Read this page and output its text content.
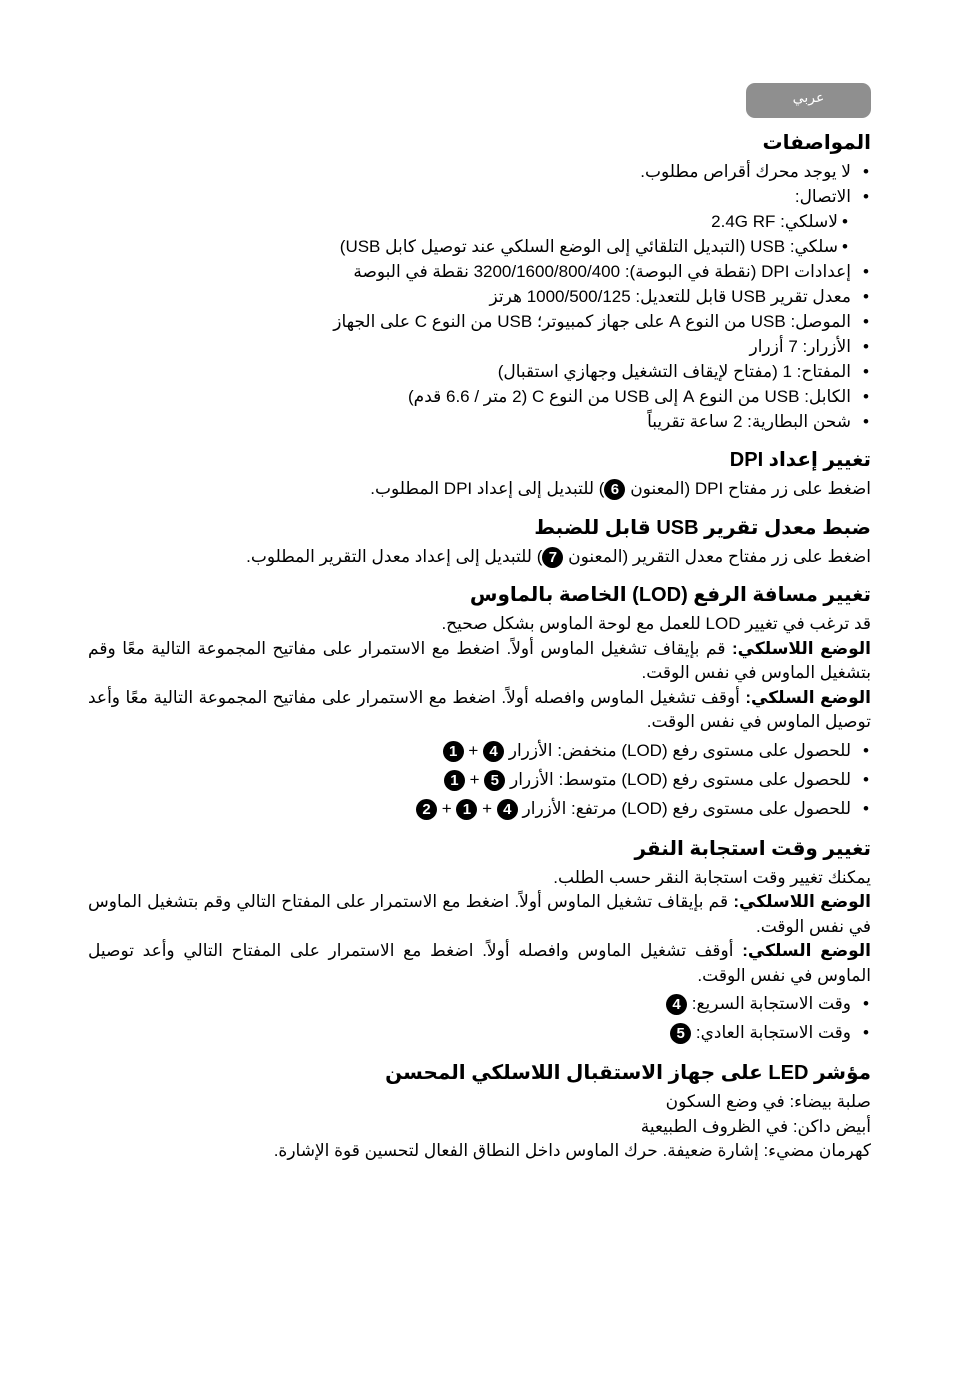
عربي
المواصفات
• لا يوجد محرك أقراص مطلوب.
• الاتصال:
• لاسلكي: 2.4G RF
• سلكي: USB (التبديل التلقائي إلى الوضع السلكي عند توصيل كابل USB)
• إعدادات DPI (نقطة في البوصة): 3200/1600/800/400 نقطة في البوصة
• معدل تقرير USB قابل للتعديل: 1000/500/125 هرتز
• الموصل: USB من النوع A على جهاز كمبيوتر؛ USB من النوع C على الجهاز
• الأزرار: 7 أزرار
• المفتاح: 1 (مفتاح لإيقاف التشغيل وجهازي استقبال)
• الكابل: USB من النوع A إلى USB من النوع C (2 متر / 6.6 قدم)
• شحن البطارية: 2 ساعة تقريباً
تغيير إعداد DPI

اضغط على زر مفتاح DPI (المعنون 6) للتبديل إلى إعداد DPI المطلوب.

ضبط معدل تقرير USB قابل للضبط

اضغط على زر مفتاح معدل التقرير (المعنون 7) للتبديل إلى إعداد معدل التقرير المطلوب.

تغيير مسافة الرفع (LOD) الخاصة بالماوس

قد ترغب في تغيير LOD للعمل مع لوحة الماوس بشكل صحيح.

الوضع اللاسلكي: قم بإيقاف تشغيل الماوس أولاً. اضغط مع الاستمرار على مفاتيح المجموعة التالية معًا وقم بتشغيل الماوس في نفس الوقت.

الوضع السلكي: أوقف تشغيل الماوس وافصله أولاً. اضغط مع الاستمرار على مفاتيح المجموعة التالية معًا وأعد توصيل الماوس في نفس الوقت.

• للحصول على مستوى رفع (LOD) منخفض: الأزرار 4 + 1
• للحصول على مستوى رفع (LOD) متوسط: الأزرار 5 + 1
• للحصول على مستوى رفع (LOD) مرتفع: الأزرار 4 + 1 + 2
تغيير وقت استجابة النقر

يمكنك تغيير وقت استجابة النقر حسب الطلب.

الوضع اللاسلكي: قم بإيقاف تشغيل الماوس أولاً. اضغط مع الاستمرار على المفتاح التالي وقم بتشغيل الماوس في نفس الوقت.

الوضع السلكي: أوقف تشغيل الماوس وافصله أولاً. اضغط مع الاستمرار على المفتاح التالي وأعد توصيل الماوس في نفس الوقت.

• وقت الاستجابة السريع: 4
• وقت الاستجابة العادي: 5
مؤشر LED على جهاز الاستقبال اللاسلكي المحسن

صلبة بيضاء: في وضع السكون

أبيض داكن: في الظروف الطبيعية

كهرمان مضيء: إشارة ضعيفة. حرك الماوس داخل النطاق الفعال لتحسين قوة الإشارة.
